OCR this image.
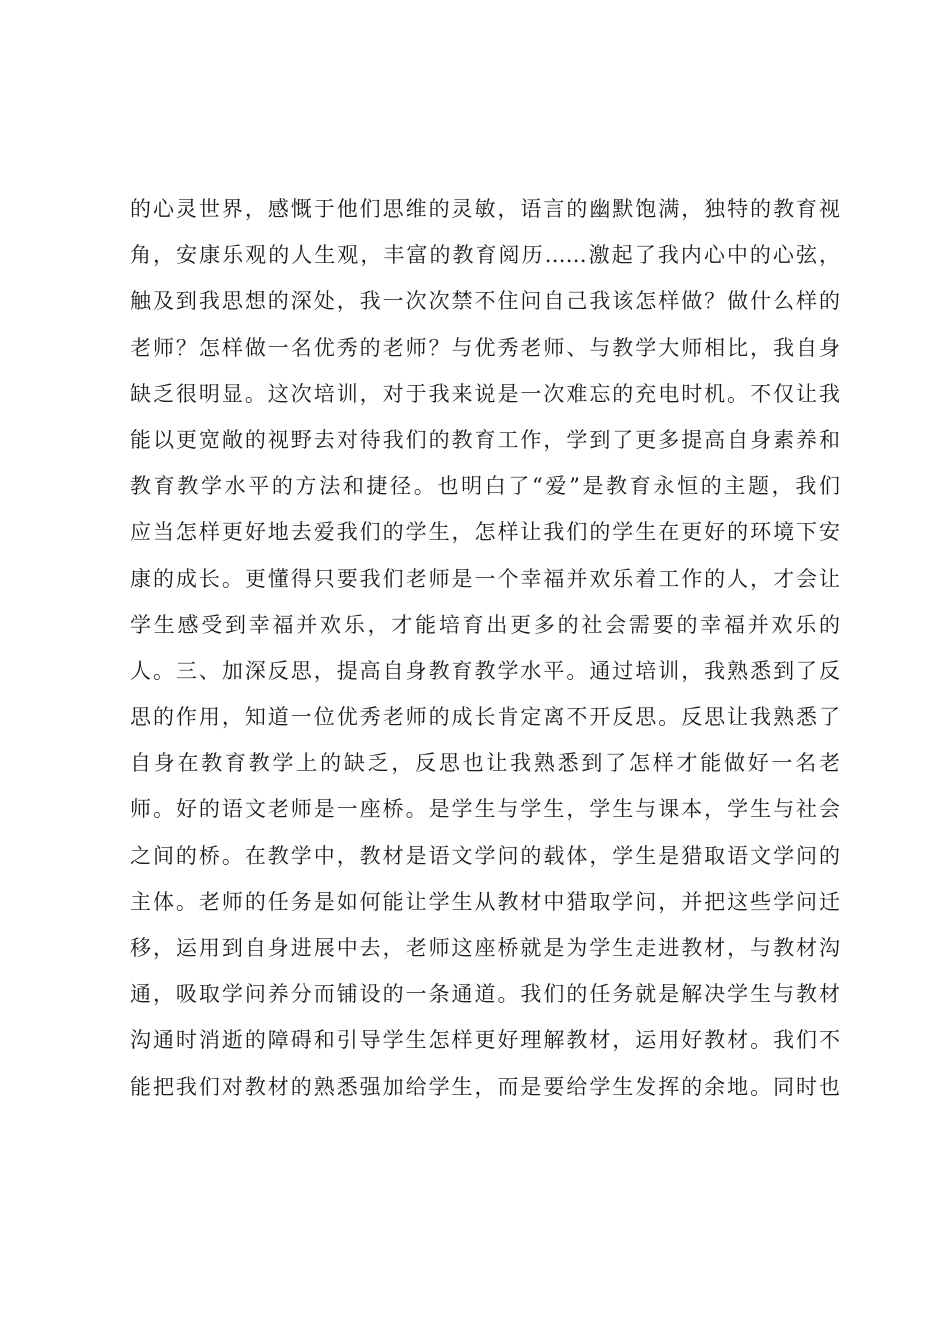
的心灵世界，感慨于他们思维的灵敏，语言的幽默饱满，独特的教育视
角，安康乐观的人生观，丰富的教育阅历……激起了我内心中的心弦，
触及到我思想的深处，我一次次禁不住问自己我该怎样做？做什么样的
老师？怎样做一名优秀的老师？与优秀老师、与教学大师相比，我自身
缺乏很明显。这次培训，对于我来说是一次难忘的充电时机。不仅让我
能以更宽敞的视野去对待我们的教育工作，学到了更多提高自身素养和
教育教学水平的方法和捷径。也明白了“爱”是教育永恒的主题，我们
应当怎样更好地去爱我们的学生，怎样让我们的学生在更好的环境下安
康的成长。更懂得只要我们老师是一个幸福并欢乐着工作的人，才会让
学生感受到幸福并欢乐，才能培育出更多的社会需要的幸福并欢乐的
人。三、加深反思，提高自身教育教学水平。通过培训，我熟悉到了反
思的作用，知道一位优秀老师的成长肯定离不开反思。反思让我熟悉了
自身在教育教学上的缺乏，反思也让我熟悉到了怎样才能做好一名老
师。好的语文老师是一座桥。是学生与学生，学生与课本，学生与社会
之间的桥。在教学中，教材是语文学问的载体，学生是猎取语文学问的
主体。老师的任务是如何能让学生从教材中猎取学问，并把这些学问迁
移，运用到自身进展中去，老师这座桥就是为学生走进教材，与教材沟
通，吸取学问养分而铺设的一条通道。我们的任务就是解决学生与教材
沟通时消逝的障碍和引导学生怎样更好理解教材，运用好教材。我们不
能把我们对教材的熟悉强加给学生，而是要给学生发挥的余地。同时也
